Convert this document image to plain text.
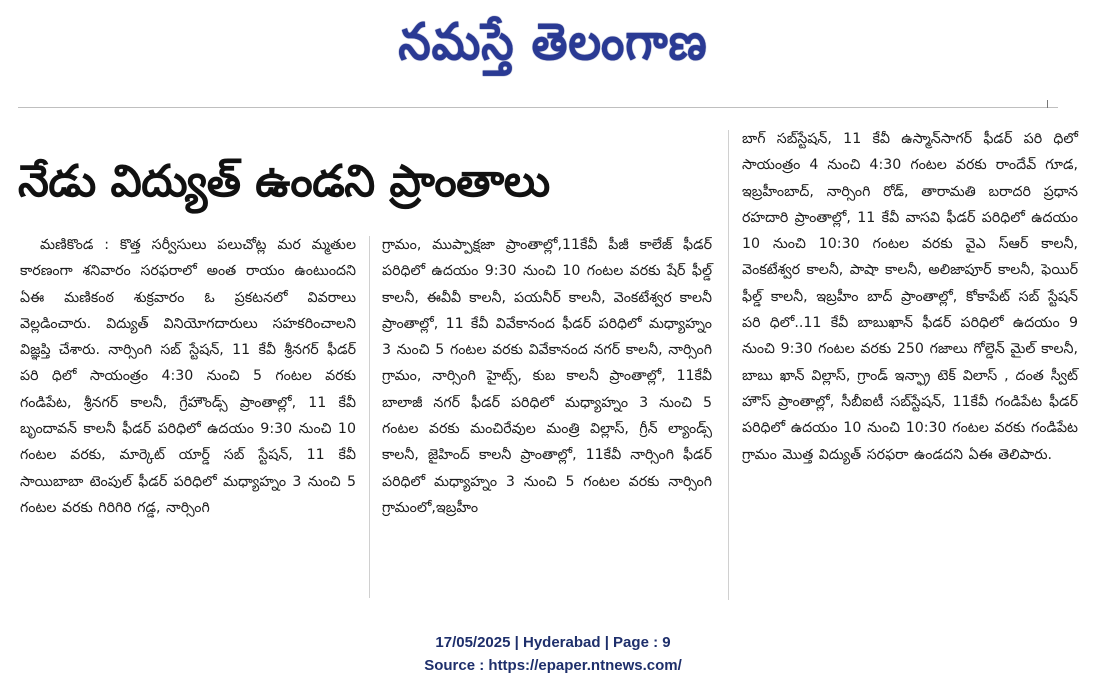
నమస్తే తెలంగాణ
నేడు విద్యుత్ ఉండని ప్రాంతాలు

మణికొండ : కొత్త సర్వీసులు పలుచోట్ల మర మ్మతుల కారణంగా శనివారం సరఫరాలో అంత రాయం ఉంటుందని ఏఈ మణికంఠ శుక్రవారం ఓ ప్రకటనలో వివరాలు వెల్లడించారు. విద్యుత్ వినియోగదారులు సహకరించాలని విజ్ఞప్తి చేశారు. నార్సింగి సబ్ స్టేషన్, 11 కేవీ శ్రీనగర్ ఫీడర్ పరి ధిలో సాయంత్రం 4:30 నుంచి 5 గంటల వరకు గండిపేట, శ్రీనగర్ కాలనీ, గ్రేహౌండ్స్ ప్రాంతాల్లో, 11 కేవీ బృందావన్ కాలనీ ఫీడర్ పరిధిలో ఉదయం 9:30 నుంచి 10 గంటల వరకు, మార్కెట్ యార్డ్ సబ్ స్టేషన్, 11 కేవీ సాయిబాబా టెంపుల్ ఫీడర్ పరిధిలో మధ్యాహ్నం 3 నుంచి 5 గంటల వరకు గిరిగిరి గడ్డ, నార్సింగి

గ్రామం, ముప్పాక్షజా ప్రాంతాల్లో,11కేవీ పీజీ కాలేజ్ ఫీడర్ పరిధిలో ఉదయం 9:30 నుంచి 10 గంటల వరకు షేర్ ఫీల్డ్ కాలనీ, ఈవీవీ కాలనీ, పయనీర్ కాలనీ, వెంకటేశ్వర కాలనీ ప్రాంతాల్లో, 11 కేవీ వివేకానంద ఫీడర్ పరిధిలో మధ్యాహ్నం 3 నుంచి 5 గంటల వరకు వివేకానంద నగర్ కాలనీ, నార్సింగి గ్రామం, నార్సింగి హైట్స్, కుబ కాలనీ ప్రాంతాల్లో, 11కేవీ బాలాజీ నగర్ ఫీడర్ పరిధిలో మధ్యాహ్నం 3 నుంచి 5 గంటల వరకు మంచిరేవుల మంత్రి విల్లాస్, గ్రీన్ ల్యాండ్స్ కాలనీ, జైహింద్ కాలనీ ప్రాంతాల్లో, 11కేవీ నార్సింగి ఫీడర్ పరిధిలో మధ్యాహ్నం 3 నుంచి 5 గంటల వరకు నార్సింగి గ్రామంలో,ఇబ్రహీం

బాగ్ సబ్‌స్టేషన్, 11 కేవీ ఉస్మాన్‌సాగర్ ఫీడర్ పరి ధిలో సాయంత్రం 4 నుంచి 4:30 గంటల వరకు రాందేవ్ గూడ, ఇబ్రహీంబాద్, నార్సింగి రోడ్, తారామతి బరాదరి ప్రధాన రహదారి ప్రాంతాల్లో, 11 కేవీ వాసవి ఫీడర్ పరిధిలో ఉదయం 10 నుంచి 10:30 గంటల వరకు వైఎ స్ఆర్ కాలనీ, వెంకటేశ్వర కాలనీ, పాషా కాలనీ, అలిజాపూర్ కాలనీ, ఫెయిర్ ఫీల్డ్ కాలనీ, ఇబ్రహీం బాద్ ప్రాంతాల్లో, కోకాపేట్ సబ్ స్టేషన్ పరి ధిలో..11 కేవీ బాబుఖాన్ ఫీడర్ పరిధిలో ఉదయం 9 నుంచి 9:30 గంటల వరకు 250 గజాలు గోల్డెన్ మైల్ కాలనీ, బాబు ఖాన్ విల్లాస్, గ్రాండ్ ఇన్ఫ్రా టెక్ విలాస్ , దంత స్వీట్ హౌస్ ప్రాంతాల్లో, సీబీఐటీ సబ్‌స్టేషన్, 11కేవీ గండిపేట ఫీడర్ పరిధిలో ఉదయం 10 నుంచి 10:30 గంటల వరకు గండిపేట గ్రామం మొత్త విద్యుత్ సరఫరా ఉండదని ఏఈ తెలిపారు.

17/05/2025 | Hyderabad | Page : 9
Source : https://epaper.ntnews.com/
